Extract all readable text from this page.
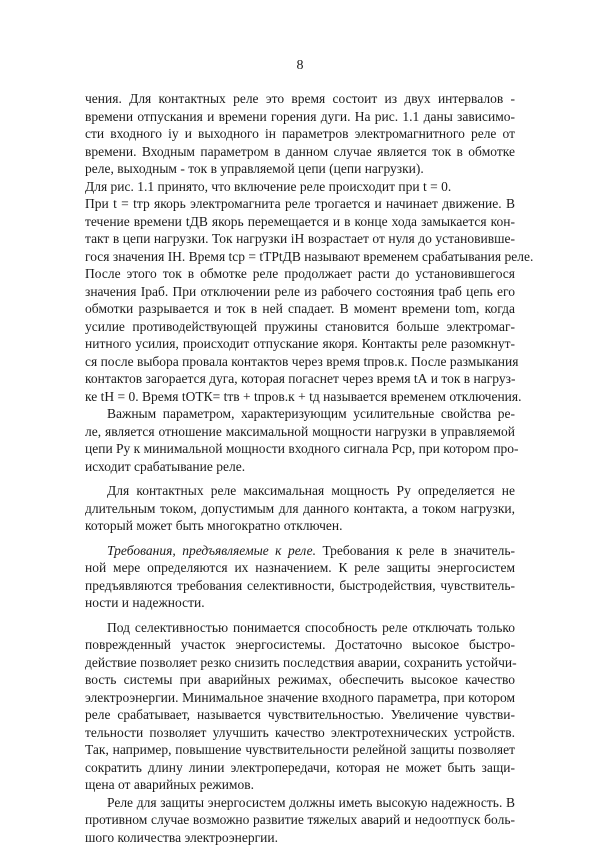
8
чения. Для контактных реле это время состоит из двух интервалов -
времени отпускания и времени горения дуги. На рис. 1.1 даны зависимо-
сти входного iу и выходного iн параметров электромагнитного реле от
времени. Входным параметром в данном случае является ток в обмотке
реле, выходным - ток в управляемой цепи (цепи нагрузки).
Для рис. 1.1 принято, что включение реле происходит при t = 0.
При t = tтр якорь электромагнита реле трогается и начинает движение. В
течение времени tДВ якорь перемещается и в конце хода замыкается кон-
такт в цепи нагрузки. Ток нагрузки iН возрастает от нуля до установивше-
гося значения IН. Время tср = tТРtДВ называют временем срабатывания реле.
После этого ток в обмотке реле продолжает расти до установившегося
значения Iраб. При отключении реле из рабочего состояния tраб цепь его
обмотки разрывается и ток в ней спадает. В момент времени tom, когда
усилие противодействующей пружины становится больше электромаг-
нитного усилия, происходит отпускание якоря. Контакты реле разомкнут-
ся после выбора провала контактов через время tпров.к. После размыкания
контактов загорается дуга, которая погаснет через время tА и ток в нагруз-
ке tН = 0. Время tОТК= tтв + tпров.к + tд называется временем отключения.
Важным параметром, характеризующим усилительные свойства ре-
ле, является отношение максимальной мощности нагрузки в управляемой
цепи Ру к минимальной мощности входного сигнала Рср, при котором про-
исходит срабатывание реле.
Для контактных реле максимальная мощность Ру определяется не
длительным током, допустимым для данного контакта, а током нагрузки,
который может быть многократно отключен.
Требования, предъявляемые к реле. Требования к реле в значитель-
ной мере определяются их назначением. К реле защиты энергосистем
предъявляются требования селективности, быстродействия, чувствитель-
ности и надежности.
Под селективностью понимается способность реле отключать только
поврежденный участок энергосистемы. Достаточно высокое быстро-
действие позволяет резко снизить последствия аварии, сохранить устойчи-
вость системы при аварийных режимах, обеспечить высокое качество
электроэнергии. Минимальное значение входного параметра, при котором
реле срабатывает, называется чувствительностью. Увеличение чувстви-
тельности позволяет улучшить качество электротехнических устройств.
Так, например, повышение чувствительности релейной защиты позволяет
сократить длину линии электропередачи, которая не может быть защи-
щена от аварийных режимов.
Реле для защиты энергосистем должны иметь высокую надежность. В
противном случае возможно развитие тяжелых аварий и недоотпуск боль-
шого количества электроэнергии.
